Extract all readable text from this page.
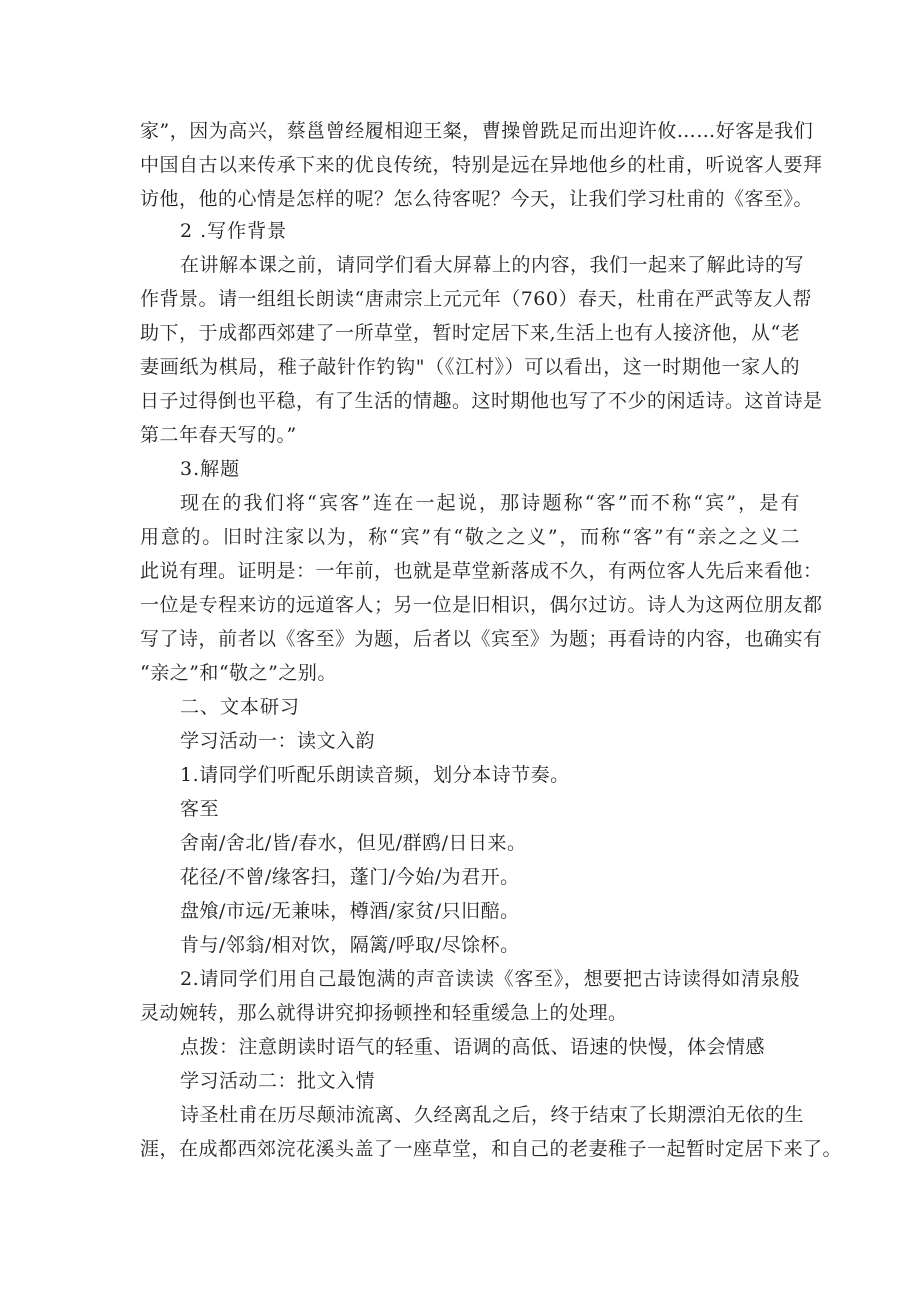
家”，因为高兴，蔡邕曾经履相迎王粲，曹操曾跣足而出迎许攸……好客是我们
中国自古以来传承下来的优良传统，特别是远在异地他乡的杜甫，听说客人要拜
访他，他的心情是怎样的呢？怎么待客呢？今天，让我们学习杜甫的《客至》。
2 .写作背景
在讲解本课之前，请同学们看大屏幕上的内容，我们一起来了解此诗的写
作背景。请一组组长朗读“唐肃宗上元元年（760）春天，杜甫在严武等友人帮
助下，于成都西郊建了一所草堂，暂时定居下来,生活上也有人接济他，从“老
妻画纸为棋局，稚子敲针作钓钩"（《江村》）可以看出，这一时期他一家人的
日子过得倒也平稳，有了生活的情趣。这时期他也写了不少的闲适诗。这首诗是
第二年春天写的。”
3.解题
现在的我们将“宾客”连在一起说，那诗题称“客”而不称“宾”，是有
用意的。旧时注家以为，称“宾”有“敬之之义”，而称“客”有“亲之之义二
此说有理。证明是：一年前，也就是草堂新落成不久，有两位客人先后来看他：
一位是专程来访的远道客人；另一位是旧相识，偶尔过访。诗人为这两位朋友都
写了诗，前者以《客至》为题，后者以《宾至》为题；再看诗的内容，也确实有
“亲之”和“敬之”之别。
二、文本研习
学习活动一：读文入韵
1.请同学们听配乐朗读音频，划分本诗节奏。
客至
舍南/舍北/皆/春水，但见/群鸥/日日来。
花径/不曾/缘客扫，蓬门/今始/为君开。
盘飧/市远/无兼味，樽酒/家贫/只旧醅。
肯与/邻翁/相对饮，隔篱/呼取/尽馀杯。
2.请同学们用自己最饱满的声音读读《客至》，想要把古诗读得如清泉般
灵动婉转，那么就得讲究抑扬顿挫和轻重缓急上的处理。
点拨：注意朗读时语气的轻重、语调的高低、语速的快慢，体会情感
学习活动二：批文入情
诗圣杜甫在历尽颠沛流离、久经离乱之后，终于结束了长期漂泊无依的生
涯，在成都西郊浣花溪头盖了一座草堂，和自己的老妻稚子一起暂时定居下来了。
